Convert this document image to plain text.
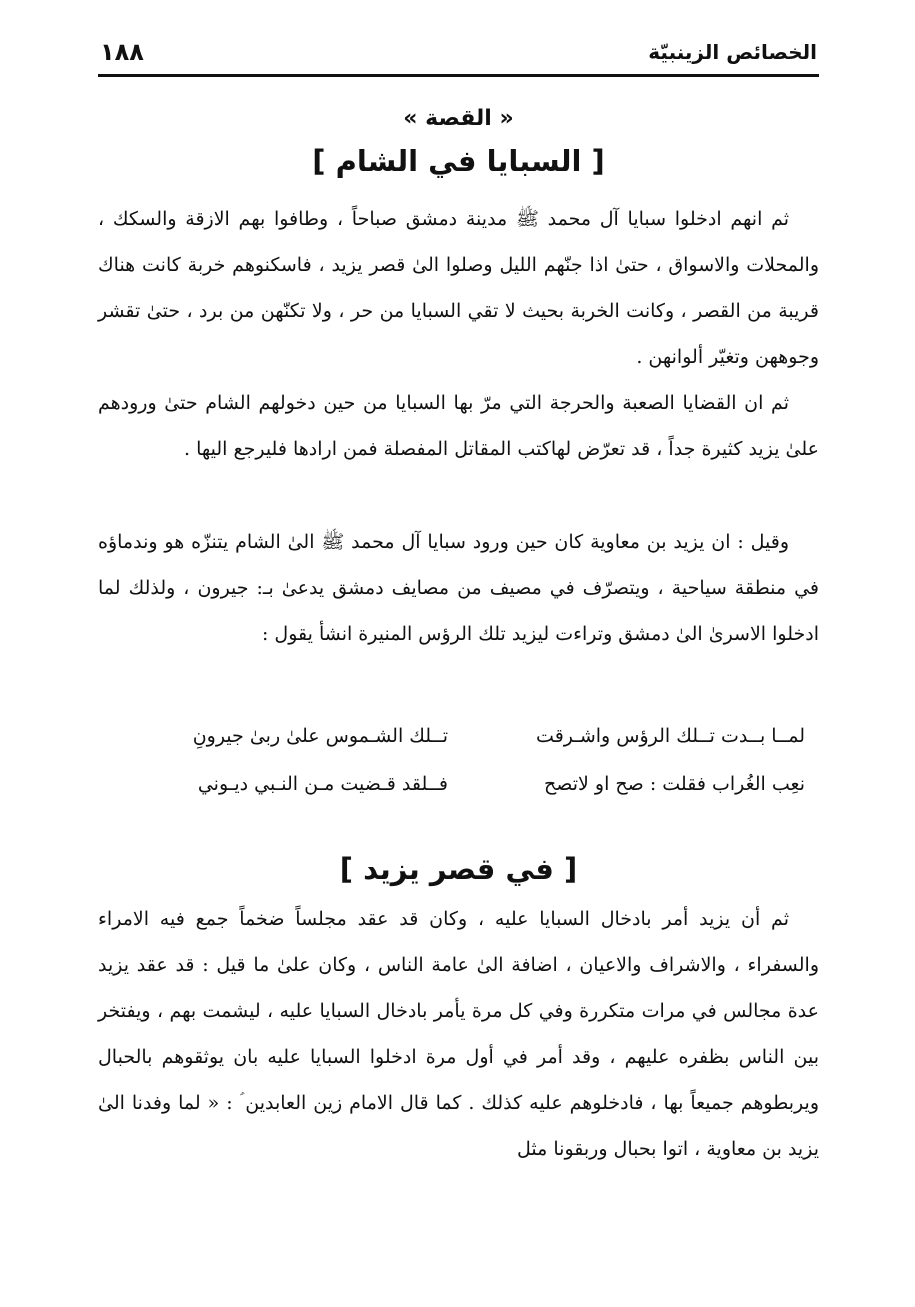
الخصائص الزينبيّة
١٨٨
« القصة »
[ السبايا في الشام ]

ثم انهم ادخلوا سبايا آل محمد ﷺ مدينة دمشق صباحاً ، وطافوا بهم الازقة والسكك ، والمحلات والاسواق ، حتىٰ اذا جنّهم الليل وصلوا الىٰ قصر يزيد ، فاسكنوهم خربة كانت هناك قريبة من القصر ، وكانت الخربة بحيث لا تقي السبايا من حر ، ولا تكنّهن من برد ، حتىٰ تقشر وجوههن وتغيّر ألوانهن .

ثم ان القضايا الصعبة والحرجة التي مرّ بها السبايا من حين دخولهم الشام حتىٰ ورودهم علىٰ يزيد كثيرة جداً ، قد تعرّض لهاكتب المقاتل المفصلة فمن ارادها فليرجع اليها .

وقيل : ان يزيد بن معاوية كان حين ورود سبايا آل محمد ﷺ الىٰ الشام يتنزّه هو وندماؤه في منطقة سياحية ، ويتصرّف في مصيف من مصايف دمشق يدعىٰ بـ: جيرون ، ولذلك لما ادخلوا الاسرىٰ الىٰ دمشق وتراءت ليزيد تلك الرؤس المنيرة انشأ يقول :

لمــا بــدت تــلك الرؤس واشـرقت
تــلك الشـموس علىٰ ربىٰ جيرونِ
نعِب الغُراب فقلت : صح او لاتصح
فــلقد قـضيت مـن النـبي ديـوني
[ في قصر يزيد ]

ثم أن يزيد أمر بادخال السبايا عليه ، وكان قد عقد مجلساً ضخماً جمع فيه الامراء والسفراء ، والاشراف والاعيان ، اضافة الىٰ عامة الناس ، وكان علىٰ ما قيل : قد عقد يزيد عدة مجالس في مرات متكررة وفي كل مرة يأمر بادخال السبايا عليه ، ليشمت بهم ، ويفتخر بين الناس بظفره عليهم ، وقد أمر في أول مرة ادخلوا السبايا عليه بان يوثقوهم بالحبال ويربطوهم جميعاً بها ، فادخلوهم عليه كذلك . كما قال الامام زين العابدين ؑ : « لما وفدنا الىٰ يزيد بن معاوية ، اتوا بحبال وربقونا مثل
